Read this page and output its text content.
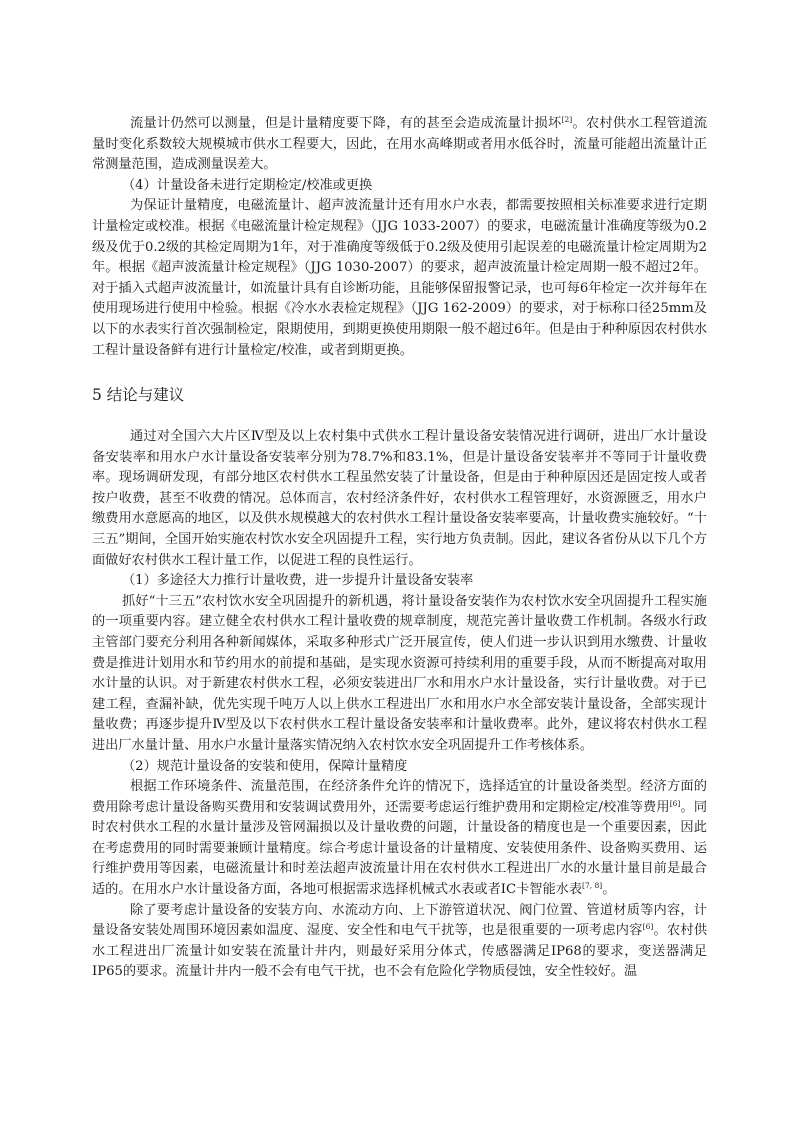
流量计仍然可以测量，但是计量精度要下降，有的甚至会造成流量计损坏[2]。农村供水工程管道流量时变化系数较大规模城市供水工程要大，因此，在用水高峰期或者用水低谷时，流量可能超出流量计正常测量范围，造成测量误差大。

（4）计量设备未进行定期检定/校准或更换

为保证计量精度，电磁流量计、超声波流量计还有用水户水表，都需要按照相关标准要求进行定期计量检定或校准。根据《电磁流量计检定规程》（JJG 1033-2007）的要求，电磁流量计准确度等级为0.2级及优于0.2级的其检定周期为1年，对于准确度等级低于0.2级及使用引起误差的电磁流量计检定周期为2年。根据《超声波流量计检定规程》（JJG 1030-2007）的要求，超声波流量计检定周期一般不超过2年。对于插入式超声波流量计，如流量计具有自诊断功能，且能够保留报警记录，也可每6年检定一次并每年在使用现场进行使用中检验。根据《冷水水表检定规程》（JJG 162-2009）的要求，对于标称口径25mm及以下的水表实行首次强制检定，限期使用，到期更换使用期限一般不超过6年。但是由于种种原因农村供水工程计量设备鲜有进行计量检定/校准，或者到期更换。

5 结论与建议

通过对全国六大片区Ⅳ型及以上农村集中式供水工程计量设备安装情况进行调研，进出厂水计量设备安装率和用水户水计量设备安装率分别为78.7%和83.1%，但是计量设备安装率并不等同于计量收费率。现场调研发现，有部分地区农村供水工程虽然安装了计量设备，但是由于种种原因还是固定按人或者按户收费，甚至不收费的情况。总体而言，农村经济条件好，农村供水工程管理好，水资源匮乏，用水户缴费用水意愿高的地区，以及供水规模越大的农村供水工程计量设备安装率要高，计量收费实施较好。“十三五”期间，全国开始实施农村饮水安全巩固提升工程，实行地方负责制。因此，建议各省份从以下几个方面做好农村供水工程计量工作，以促进工程的良性运行。

（1）多途径大力推行计量收费，进一步提升计量设备安装率

抓好“十三五”农村饮水安全巩固提升的新机遇，将计量设备安装作为农村饮水安全巩固提升工程实施的一项重要内容。建立健全农村供水工程计量收费的规章制度，规范完善计量收费工作机制。各级水行政主管部门要充分利用各种新闻媒体，采取多种形式广泛开展宣传，使人们进一步认识到用水缴费、计量收费是推进计划用水和节约用水的前提和基础，是实现水资源可持续利用的重要手段，从而不断提高对取用水计量的认识。对于新建农村供水工程，必须安装进出厂水和用水户水计量设备，实行计量收费。对于已建工程，查漏补缺，优先实现千吨万人以上供水工程进出厂水和用水户水全部安装计量设备，全部实现计量收费；再逐步提升Ⅳ型及以下农村供水工程计量设备安装率和计量收费率。此外，建议将农村供水工程进出厂水量计量、用水户水量计量落实情况纳入农村饮水安全巩固提升工作考核体系。

（2）规范计量设备的安装和使用，保障计量精度

根据工作环境条件、流量范围，在经济条件允许的情况下，选择适宜的计量设备类型。经济方面的费用除考虑计量设备购买费用和安装调试费用外，还需要考虑运行维护费用和定期检定/校准等费用[6]。同时农村供水工程的水量计量涉及管网漏损以及计量收费的问题，计量设备的精度也是一个重要因素，因此在考虑费用的同时需要兼顾计量精度。综合考虑计量设备的计量精度、安装使用条件、设备购买费用、运行维护费用等因素，电磁流量计和时差法超声波流量计用在农村供水工程进出厂水的水量计量目前是最合适的。在用水户水计量设备方面，各地可根据需求选择机械式水表或者IC卡智能水表[7, 8]。

除了要考虑计量设备的安装方向、水流动方向、上下游管道状况、阀门位置、管道材质等内容，计量设备安装处周围环境因素如温度、湿度、安全性和电气干扰等，也是很重要的一项考虑内容[6]。农村供水工程进出厂流量计如安装在流量计井内，则最好采用分体式，传感器满足IP68的要求，变送器满足IP65的要求。流量计井内一般不会有电气干扰，也不会有危险化学物质侵蚀，安全性较好。温
